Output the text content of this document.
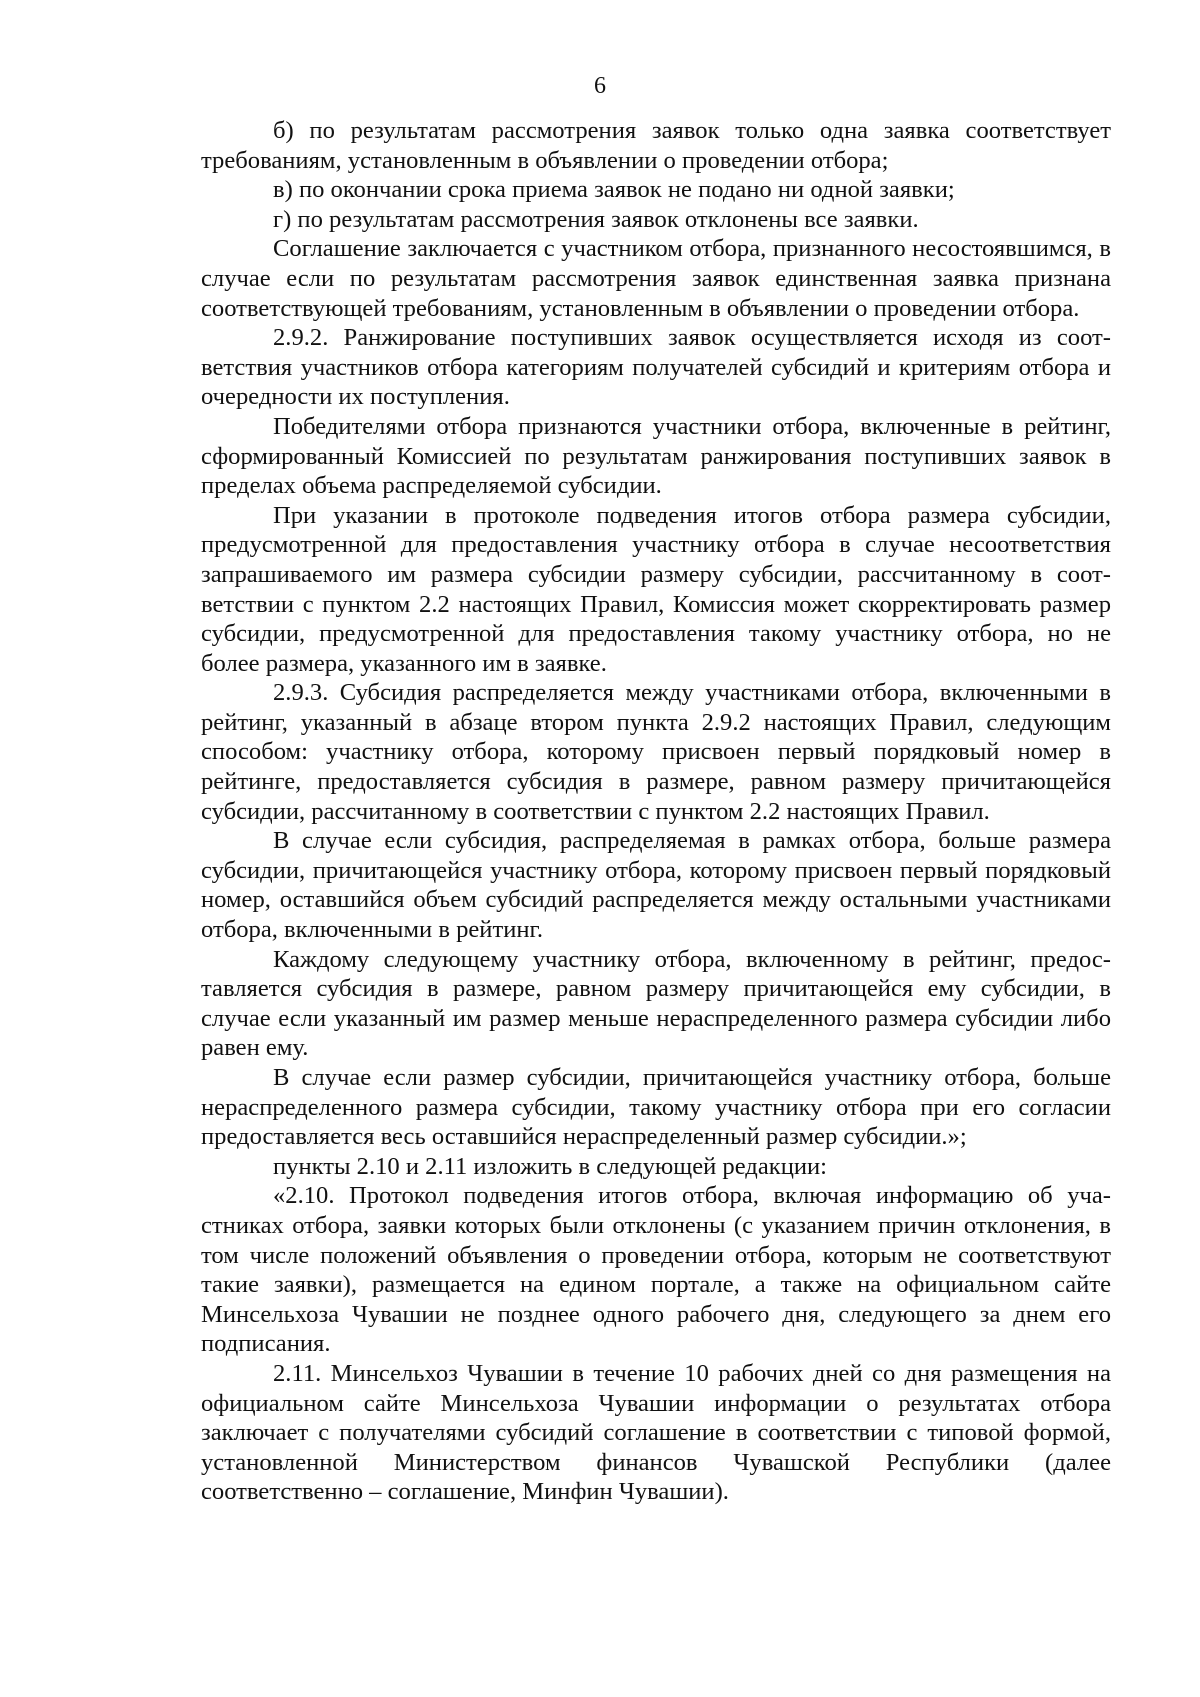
6

б) по результатам рассмотрения заявок только одна заявка соответствует требованиям, установленным в объявлении о проведении отбора;

в) по окончании срока приема заявок не подано ни одной заявки;

г) по результатам рассмотрения заявок отклонены все заявки.

Соглашение заключается с участником отбора, признанного несостоявшимся, в случае если по результатам рассмотрения заявок единственная заявка признана соответствующей требованиям, установленным в объявлении о проведении отбора.

2.9.2. Ранжирование поступивших заявок осуществляется исходя из соответствия участников отбора категориям получателей субсидий и критериям отбора и очередности их поступления.

Победителями отбора признаются участники отбора, включенные в рейтинг, сформированный Комиссией по результатам ранжирования поступивших заявок в пределах объема распределяемой субсидии.

При указании в протоколе подведения итогов отбора размера субсидии, предусмотренной для предоставления участнику отбора в случае несоответствия запрашиваемого им размера субсидии размеру субсидии, рассчитанному в соответствии с пунктом 2.2 настоящих Правил, Комиссия может скорректировать размер субсидии, предусмотренной для предоставления такому участнику отбора, но не более размера, указанного им в заявке.

2.9.3. Субсидия распределяется между участниками отбора, включенными в рейтинг, указанный в абзаце втором пункта 2.9.2 настоящих Правил, следующим способом: участнику отбора, которому присвоен первый порядковый номер в рейтинге, предоставляется субсидия в размере, равном размеру причитающейся субсидии, рассчитанному в соответствии с пунктом 2.2 настоящих Правил.

В случае если субсидия, распределяемая в рамках отбора, больше размера субсидии, причитающейся участнику отбора, которому присвоен первый порядковый номер, оставшийся объем субсидий распределяется между остальными участниками отбора, включенными в рейтинг.

Каждому следующему участнику отбора, включенному в рейтинг, предоставляется субсидия в размере, равном размеру причитающейся ему субсидии, в случае если указанный им размер меньше нераспределенного размера субсидии либо равен ему.

В случае если размер субсидии, причитающейся участнику отбора, больше нераспределенного размера субсидии, такому участнику отбора при его согласии предоставляется весь оставшийся нераспределенный размер субсидии.»;

пункты 2.10 и 2.11 изложить в следующей редакции:

«2.10. Протокол подведения итогов отбора, включая информацию об участниках отбора, заявки которых были отклонены (с указанием причин отклонения, в том числе положений объявления о проведении отбора, которым не соответствуют такие заявки), размещается на едином портале, а также на официальном сайте Минсельхоза Чувашии не позднее одного рабочего дня, следующего за днем его подписания.

2.11. Минсельхоз Чувашии в течение 10 рабочих дней со дня размещения на официальном сайте Минсельхоза Чувашии информации о результатах отбора заключает с получателями субсидий соглашение в соответствии с типовой формой, установленной Министерством финансов Чувашской Республики (далее соответственно – соглашение, Минфин Чувашии).
